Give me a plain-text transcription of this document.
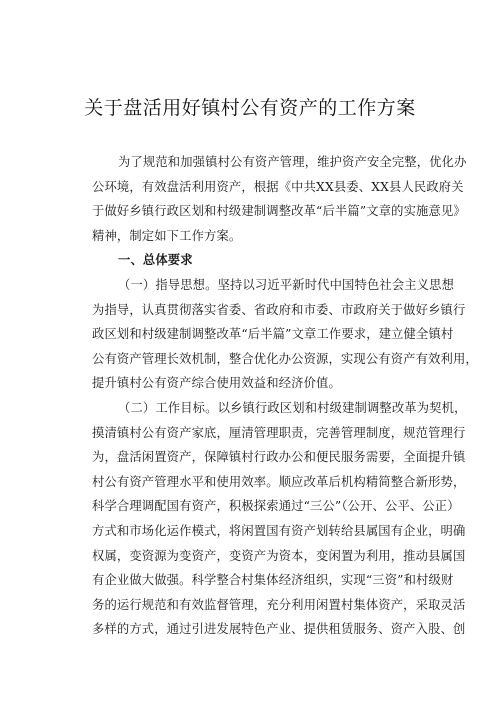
关于盘活用好镇村公有资产的工作方案
为了规范和加强镇村公有资产管理，维护资产安全完整，优化办
公环境，有效盘活利用资产，根据《中共XX县委、XX县人民政府关
于做好乡镇行政区划和村级建制调整改革“后半篇”文章的实施意见》
精神，制定如下工作方案。
一、总体要求
（一）指导思想。坚持以习近平新时代中国特色社会主义思想
为指导，认真贯彻落实省委、省政府和市委、市政府关于做好乡镇行
政区划和村级建制调整改革“后半篇”文章工作要求，建立健全镇村
公有资产管理长效机制，整合优化办公资源，实现公有资产有效利用，
提升镇村公有资产综合使用效益和经济价值。
（二）工作目标。以乡镇行政区划和村级建制调整改革为契机，
摸清镇村公有资产家底，厘清管理职责，完善管理制度，规范管理行
为，盘活闲置资产，保障镇村行政办公和便民服务需要，全面提升镇
村公有资产管理水平和使用效率。顺应改革后机构精简整合新形势，
科学合理调配国有资产，积极探索通过“三公”（公开、公平、公正）
方式和市场化运作模式，将闲置国有资产划转给县属国有企业，明确
权属，变资源为变资产，变资产为资本，变闲置为利用，推动县属国
有企业做大做强。科学整合村集体经济组织，实现“三资”和村级财
务的运行规范和有效监督管理，充分利用闲置村集体资产，采取灵活
多样的方式，通过引进发展特色产业、提供租赁服务、资产入股、创
